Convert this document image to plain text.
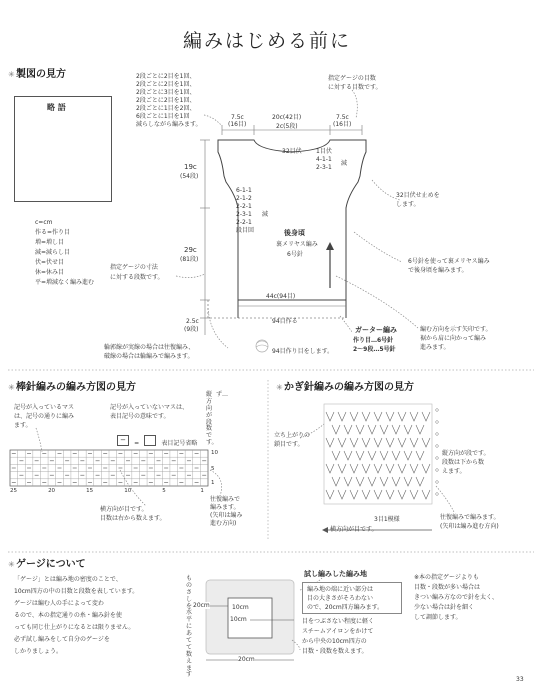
編みはじめる前に
✳製図の見方
略 語
c=cm
作る=作り目
増=増し目
減=減らし目
伏=伏せ目
休=休み目
平=増減なく編み進む
2段ごとに2目を1回、
2段ごとに2目を1回、
2段ごとに3目を1回、
2段ごとに2目を1回、
2段ごとに1目を2回、
6段ごとに1目を1回
減らしながら編みます。
指定ゲージの目数
に対する目数です。
7.5c
(16目)
20c(42目)
2c(5段)
7.5c
(16目)
32目伏 1目伏
4-1-1
2-3-1
減
32目伏せ止めを
します。
6-1-1
2-1-2
2-2-1
2-3-1
2-2-1
段目回
減
19c
(54段)
29c
(81段)
2.5c
(9段)
後身頃
裏メリヤス編み
6号針
6号針を使って裏メリヤス編み
で後身頃を編みます。
指定ゲージの寸法
に対する段数です。
44c(94目)
94目作る
編む方向を示す矢印です。
裾から肩に向かって編み
進みます。
ガーター編み
作り目…6号針
2〜9段…5号針
94目作り目をします。
輪郭線が実線の場合は往復編み、
破線の場合は輪編みで編みます。
✳棒針編みの編み方図の見方
記号が入っているマス
は、記号の通りに編み
ます。
記号が入っていないマスは、
表目記号の意味です。
− =	表目記号省略
縦方向が段数です。
ず…
往復編みで
編みます。
(矢印は編み
進む方向)
横方向が目です。
目数は右から数えます。
10
5
1
25	20	15	10	5	1
✳かぎ針編みの編み方図の見方
立ち上がりの
鎖目です。
縦方向が段です。
段数は下から数
えます。
3目1模様
横方向が目です。
往復編みで編みます。
(矢印は編み進む方向)
✳ゲージについて
「ゲージ」とは編み地の密度のことで、
10cm四方の中の目数と段数を表しています。
ゲージは編む人の手によって変わ
るので、本の指定通りの糸・編み針を使
っても同じ仕上がりになるとは限りません。
必ず試し編みをして自分のゲージを
しかりましょう。
ものさしを水平にあてて数えます
20cm	10cm
10cm
20cm
試し編みした編み地
編み地の端に近い部分は
目の大きさがそろわない
ので、20cm四方編みます。
目をつぶさない程度に軽く
スチームアイロンをかけて
から中央の10cm四方の
目数・段数を数えます。
※本の指定ゲージよりも
目数・段数が多い場合は
きつい編み方なので針を太く、
少ない場合は針を細く
して調節します。
33
